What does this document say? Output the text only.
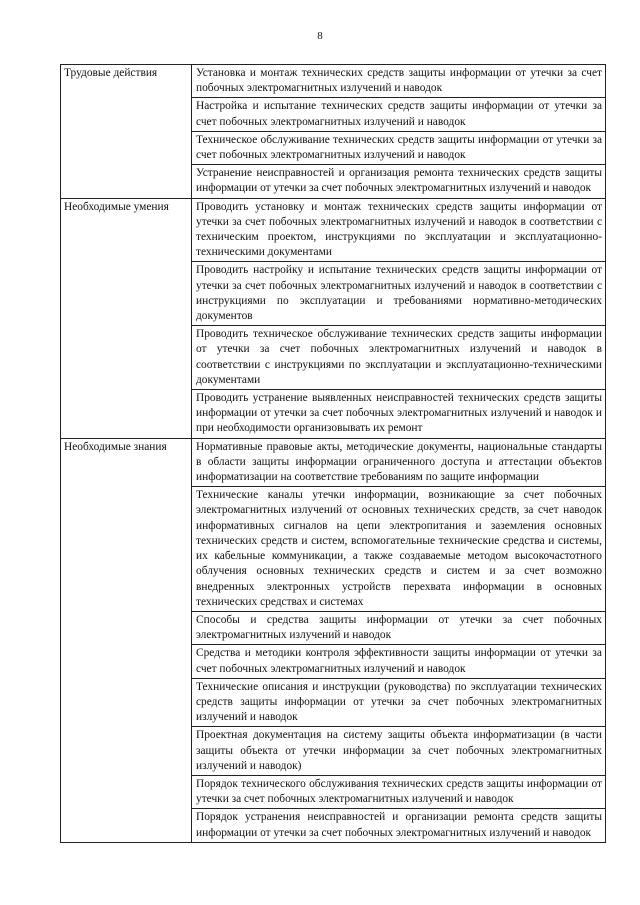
8
Трудовые действия	Установка и монтаж технических средств защиты информации от утечки за счет побочных электромагнитных излучений и наводок
	Настройка и испытание технических средств защиты информации от утечки за счет побочных электромагнитных излучений и наводок
	Техническое обслуживание технических средств защиты информации от утечки за счет побочных электромагнитных излучений и наводок
	Устранение неисправностей и организация ремонта технических средств защиты информации от утечки за счет побочных электромагнитных излучений и наводок
Необходимые умения	Проводить установку и монтаж технических средств защиты информации от утечки за счет побочных электромагнитных излучений и наводок в соответствии с техническим проектом, инструкциями по эксплуатации и эксплуатационно-техническими документами
	Проводить настройку и испытание технических средств защиты информации от утечки за счет побочных электромагнитных излучений и наводок в соответствии с инструкциями по эксплуатации и требованиями нормативно-методических документов
	Проводить техническое обслуживание технических средств защиты информации от утечки за счет побочных электромагнитных излучений и наводок в соответствии с инструкциями по эксплуатации и эксплуатационно-техническими документами
	Проводить устранение выявленных неисправностей технических средств защиты информации от утечки за счет побочных электромагнитных излучений и наводок и при необходимости организовывать их ремонт
Необходимые знания	Нормативные правовые акты, методические документы, национальные стандарты в области защиты информации ограниченного доступа и аттестации объектов информатизации на соответствие требованиям по защите информации
	Технические каналы утечки информации, возникающие за счет побочных электромагнитных излучений от основных технических средств, за счет наводок информативных сигналов на цепи электропитания и заземления основных технических средств и систем, вспомогательные технические средства и системы, их кабельные коммуникации, а также создаваемые методом высокочастотного облучения основных технических средств и систем и за счет возможно внедренных электронных устройств перехвата информации в основных технических средствах и системах
	Способы и средства защиты информации от утечки за счет побочных электромагнитных излучений и наводок
	Средства и методики контроля эффективности защиты информации от утечки за счет побочных электромагнитных излучений и наводок
	Технические описания и инструкции (руководства) по эксплуатации технических средств защиты информации от утечки за счет побочных электромагнитных излучений и наводок
	Проектная документация на систему защиты объекта информатизации (в части защиты объекта от утечки информации за счет побочных электромагнитных излучений и наводок)
	Порядок технического обслуживания технических средств защиты информации от утечки за счет побочных электромагнитных излучений и наводок
	Порядок устранения неисправностей и организации ремонта средств защиты информации от утечки за счет побочных электромагнитных излучений и наводок
